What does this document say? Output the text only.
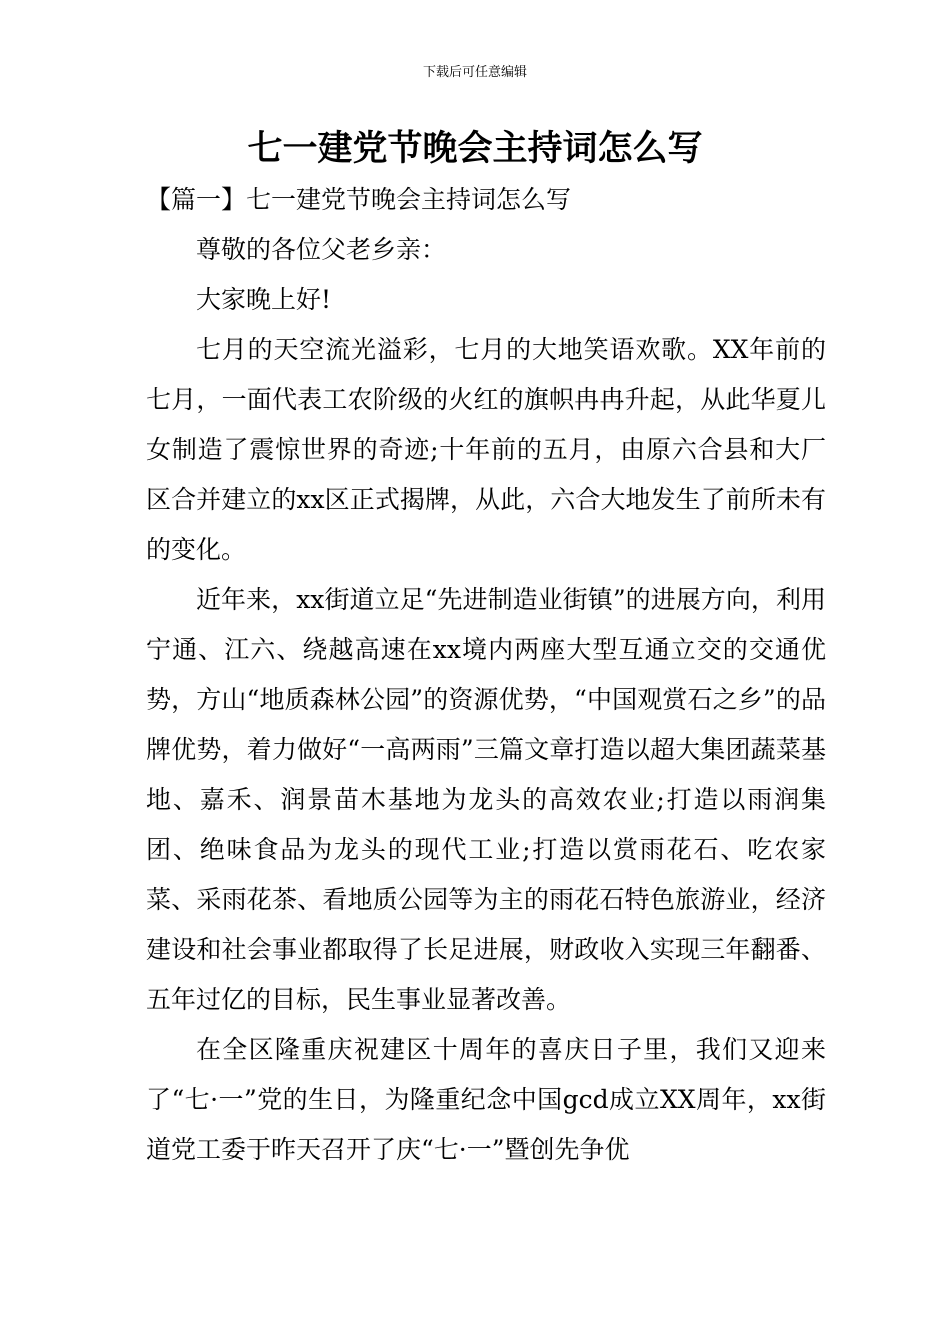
下载后可任意编辑
七一建党节晚会主持词怎么写

【篇一】七一建党节晚会主持词怎么写

尊敬的各位父老乡亲：

大家晚上好!

七月的天空流光溢彩，七月的大地笑语欢歌。XX年前的七月，一面代表工农阶级的火红的旗帜冉冉升起，从此华夏儿女制造了震惊世界的奇迹;十年前的五月，由原六合县和大厂区合并建立的xx区正式揭牌，从此，六合大地发生了前所未有的变化。

近年来，xx街道立足“先进制造业街镇”的进展方向，利用宁通、江六、绕越高速在xx境内两座大型互通立交的交通优势，方山“地质森林公园”的资源优势，“中国观赏石之乡”的品牌优势，着力做好“一高两雨”三篇文章打造以超大集团蔬菜基地、嘉禾、润景苗木基地为龙头的高效农业;打造以雨润集团、绝味食品为龙头的现代工业;打造以赏雨花石、吃农家菜、采雨花茶、看地质公园等为主的雨花石特色旅游业，经济建设和社会事业都取得了长足进展，财政收入实现三年翻番、五年过亿的目标，民生事业显著改善。

在全区隆重庆祝建区十周年的喜庆日子里，我们又迎来了“七·一”党的生日，为隆重纪念中国gcd成立XX周年，xx街道党工委于昨天召开了庆“七·一”暨创先争优
